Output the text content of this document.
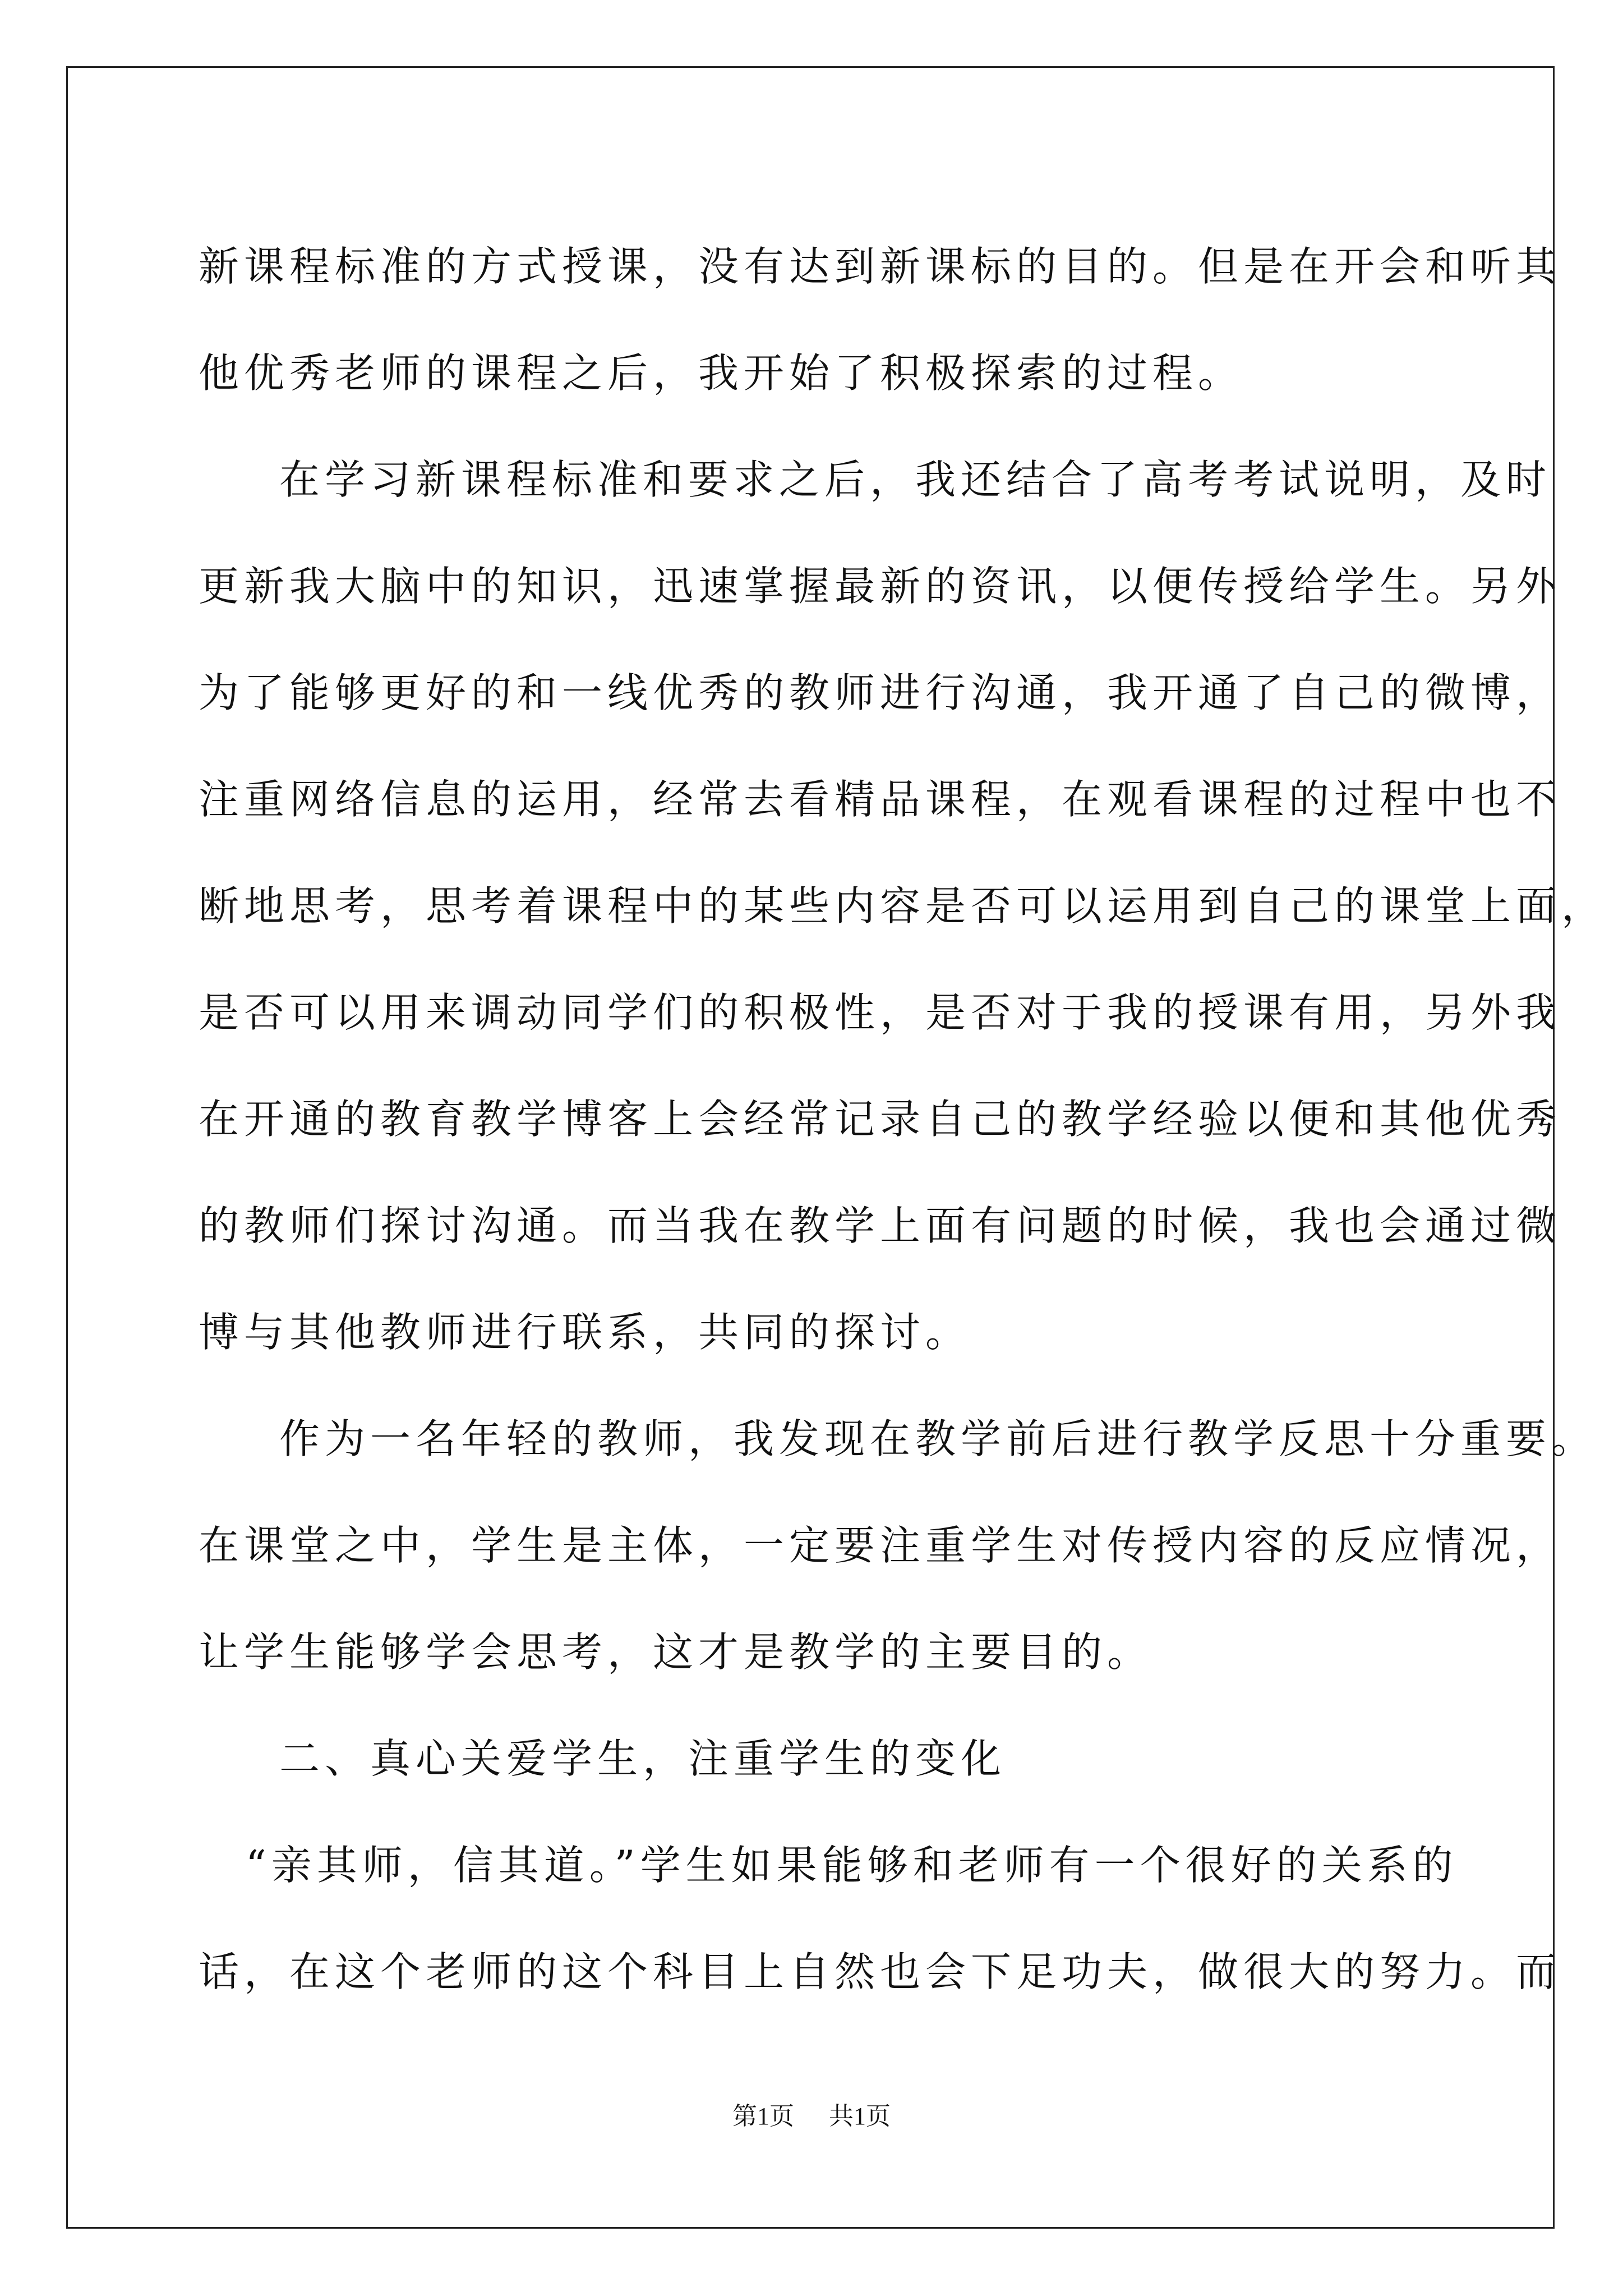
新课程标准的方式授课，没有达到新课标的目的。但是在开会和听其
他优秀老师的课程之后，我开始了积极探索的过程。
在学习新课程标准和要求之后，我还结合了高考考试说明，及时
更新我大脑中的知识，迅速掌握最新的资讯，以便传授给学生。另外
为了能够更好的和一线优秀的教师进行沟通，我开通了自己的微博，
注重网络信息的运用，经常去看精品课程，在观看课程的过程中也不
断地思考，思考着课程中的某些内容是否可以运用到自己的课堂上面，
是否可以用来调动同学们的积极性，是否对于我的授课有用，另外我
在开通的教育教学博客上会经常记录自己的教学经验以便和其他优秀
的教师们探讨沟通。而当我在教学上面有问题的时候，我也会通过微
博与其他教师进行联系，共同的探讨。
作为一名年轻的教师，我发现在教学前后进行教学反思十分重要。
在课堂之中，学生是主体，一定要注重学生对传授内容的反应情况，
让学生能够学会思考，这才是教学的主要目的。
二、真心关爱学生，注重学生的变化
“亲其师，信其道。”学生如果能够和老师有一个很好的关系的
话，在这个老师的这个科目上自然也会下足功夫，做很大的努力。而
第1页 共1页
